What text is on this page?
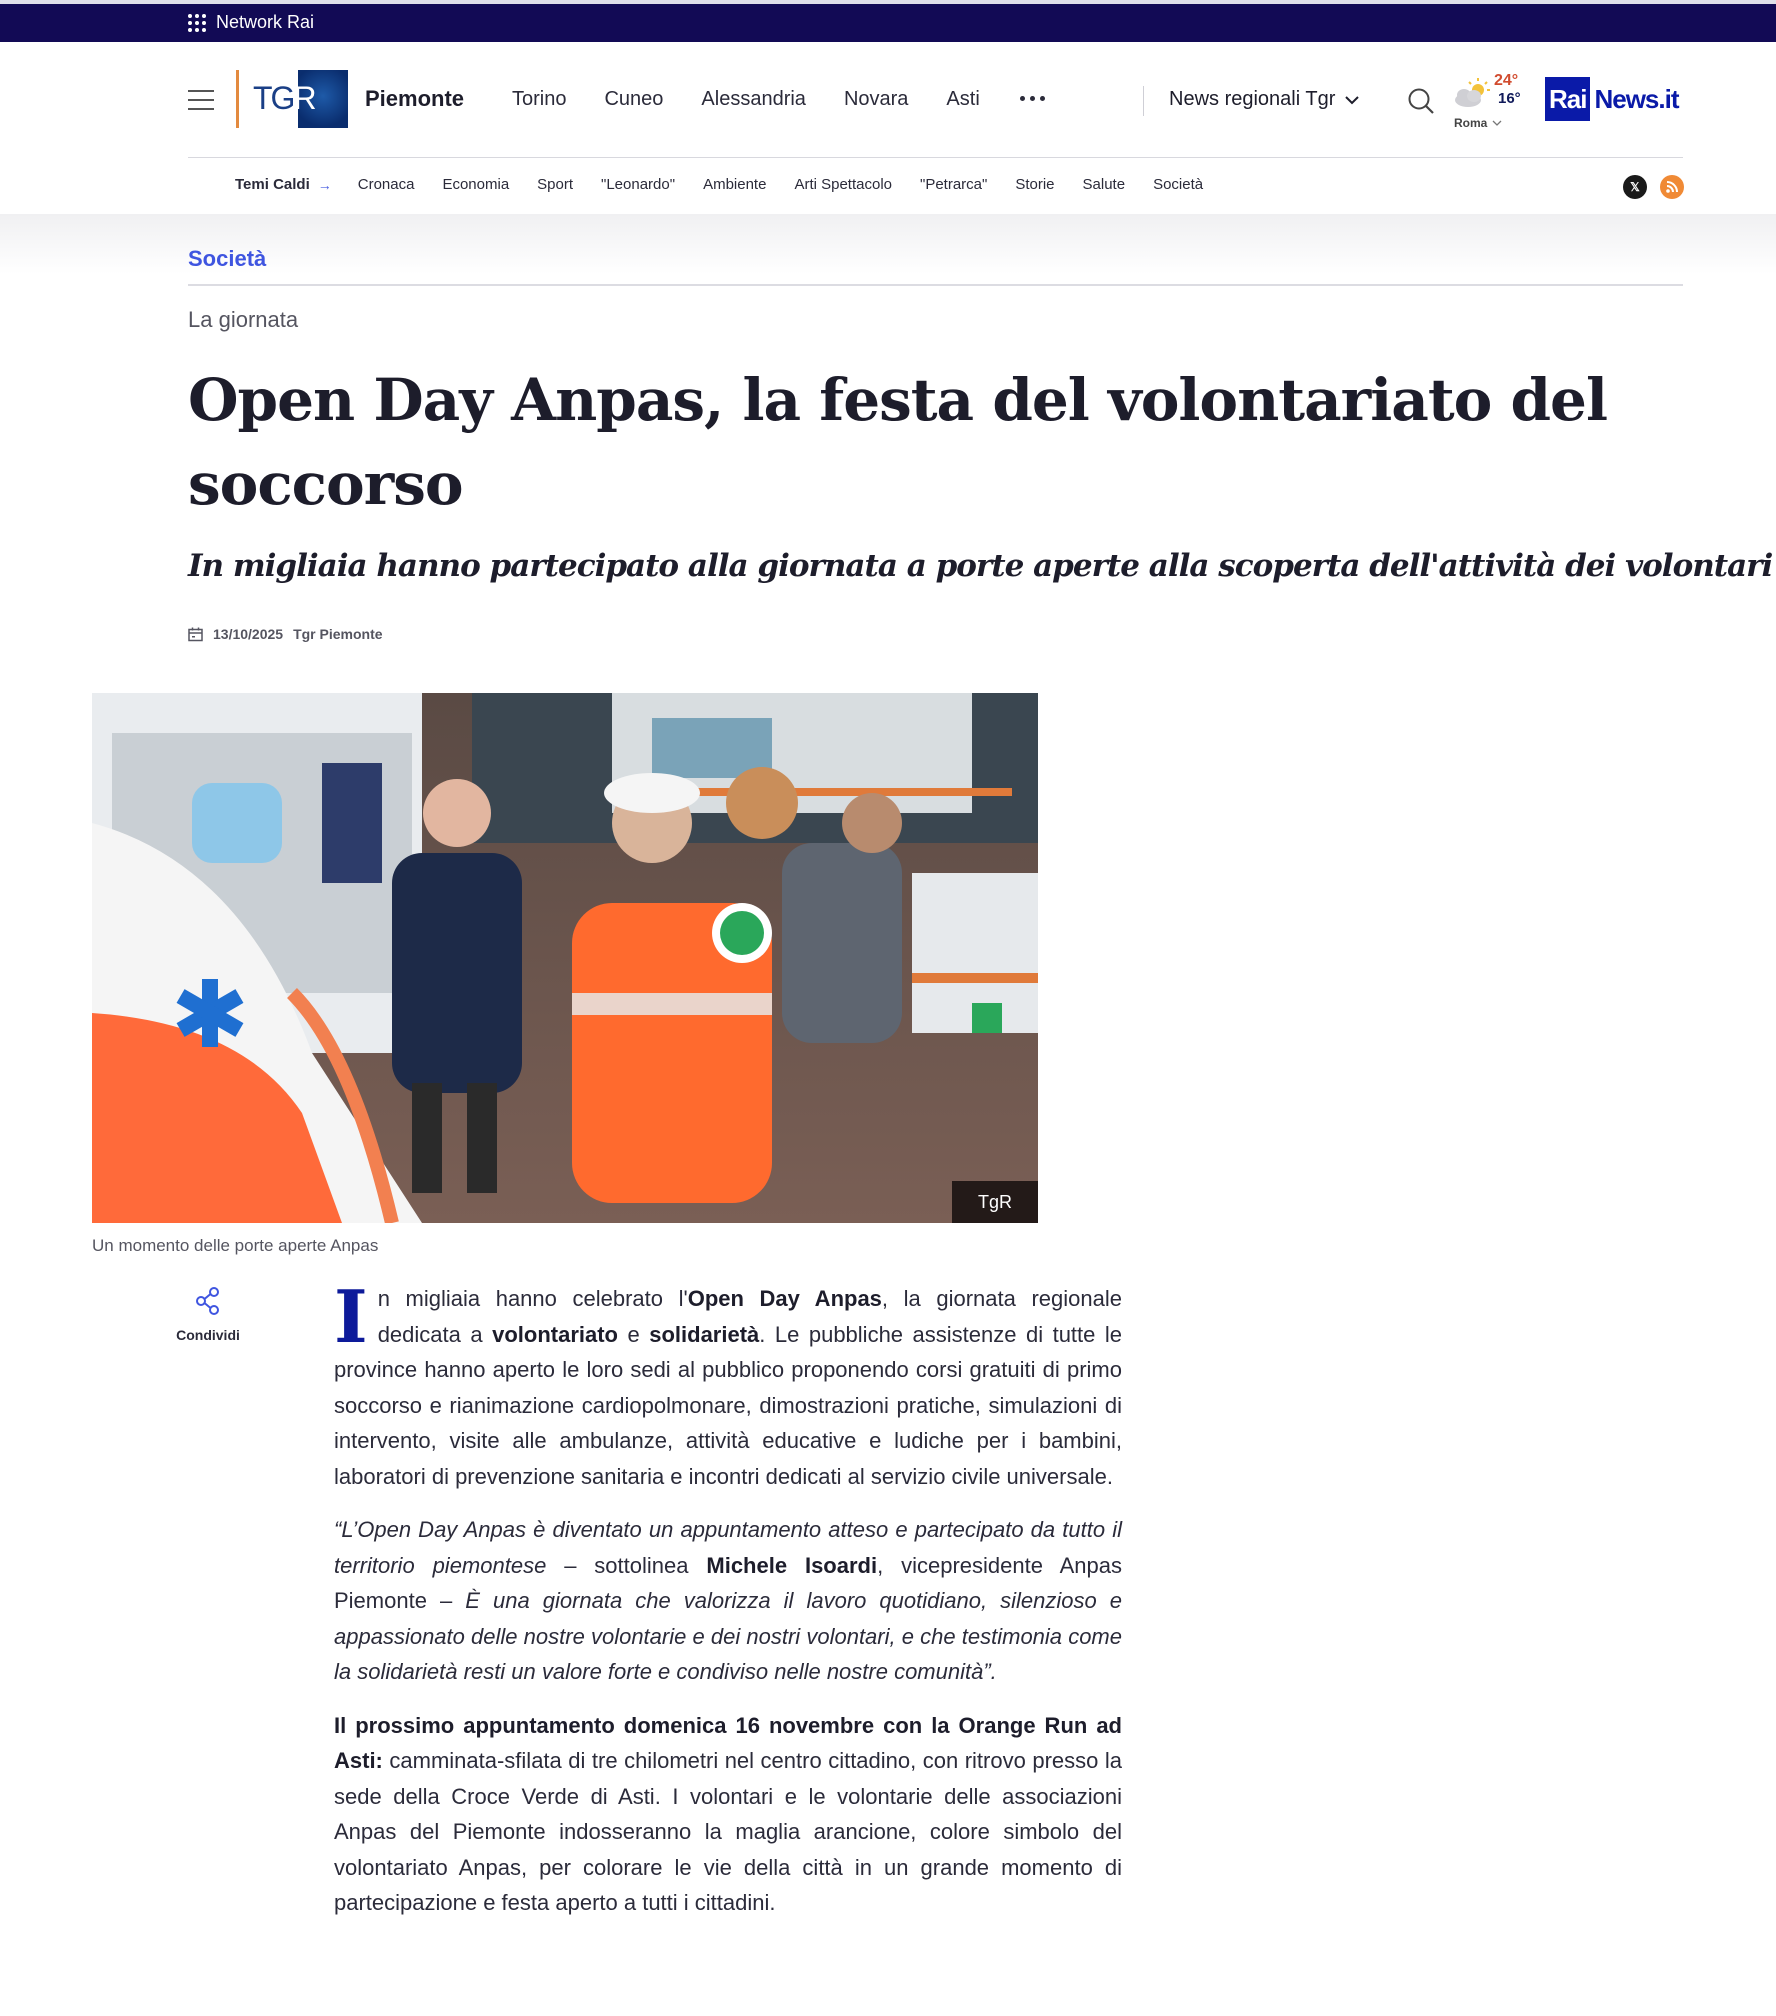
Network Rai
TGR Piemonte Torino Cuneo Alessandria Novara Asti	News regionali Tgr
24°
16°
Roma
Rai News.it
Temi Caldi → Cronaca Economia Sport "Leonardo" Ambiente Arti Spettacolo "Petrarca" Storie Salute Società	𝕏
Società
La giornata
Open Day Anpas, la festa del volontariato del soccorso
In migliaia hanno partecipato alla giornata a porte aperte alla scoperta dell'attività dei volontari
13/10/2025 Tgr Piemonte
TgR
Un momento delle porte aperte Anpas
Condividi In migliaia hanno celebrato l'Open Day Anpas, la giornata regionale dedicata a volontariato e solidarietà. Le pubbliche assistenze di tutte le province hanno aperto le loro sedi al pubblico proponendo corsi gratuiti di primo soccorso e rianimazione cardiopolmonare, dimostrazioni pratiche, simulazioni di intervento, visite alle ambulanze, attività educative e ludiche per i bambini, laboratori di prevenzione sanitaria e incontri dedicati al servizio civile universale.

“L’Open Day Anpas è diventato un appuntamento atteso e partecipato da tutto il territorio piemontese – sottolinea Michele Isoardi, vicepresidente Anpas Piemonte – È una giornata che valorizza il lavoro quotidiano, silenzioso e appassionato delle nostre volontarie e dei nostri volontari, e che testimonia come la solidarietà resti un valore forte e condiviso nelle nostre comunità”.

Il prossimo appuntamento domenica 16 novembre con la Orange Run ad Asti: camminata-sfilata di tre chilometri nel centro cittadino, con ritrovo presso la sede della Croce Verde di Asti. I volontari e le volontarie delle associazioni Anpas del Piemonte indosseranno la maglia arancione, colore simbolo del volontariato Anpas, per colorare le vie della città in un grande momento di partecipazione e festa aperto a tutti i cittadini.
